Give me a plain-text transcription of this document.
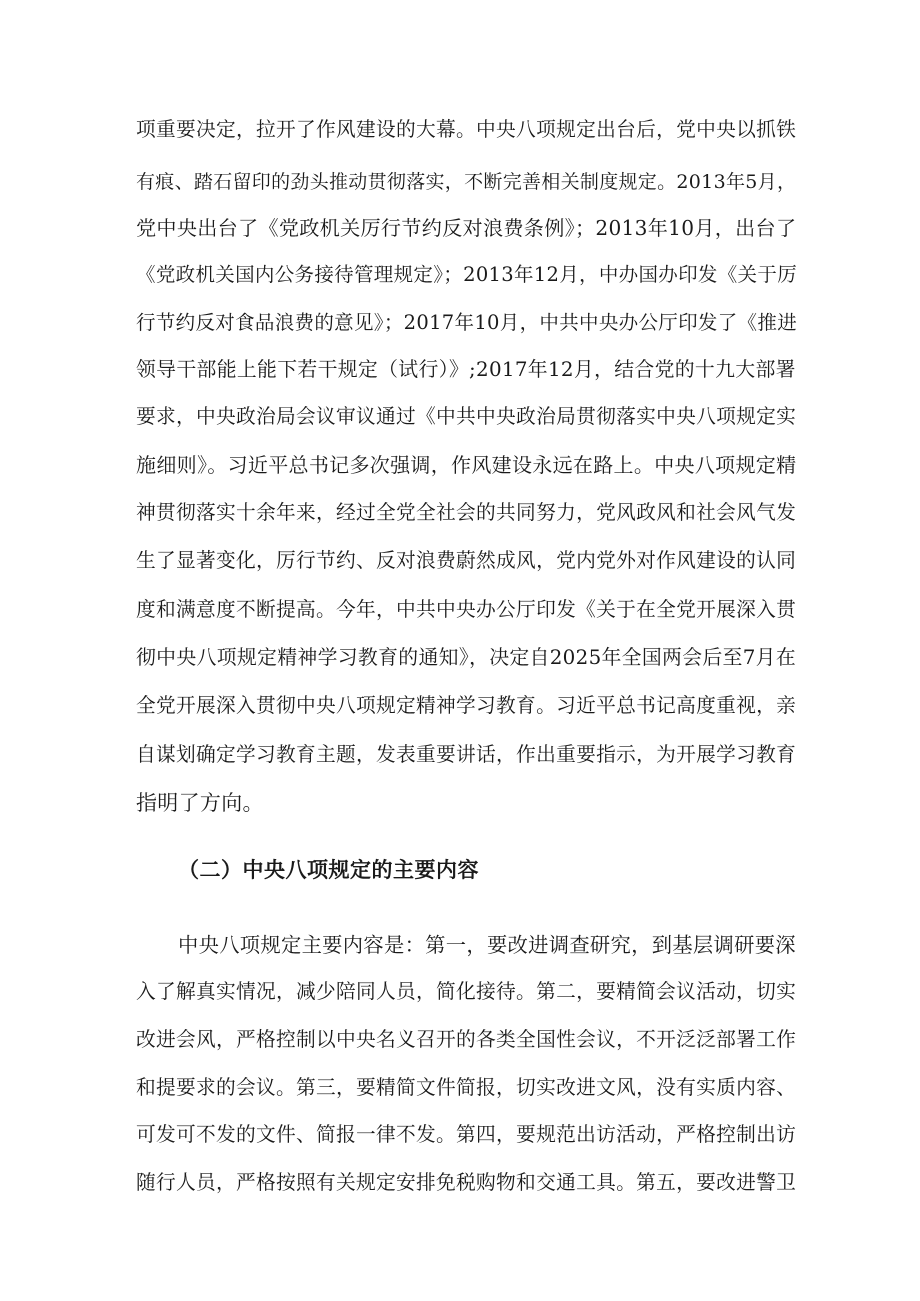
项重要决定，拉开了作风建设的大幕。中央八项规定出台后，党中央以抓铁
有痕、踏石留印的劲头推动贯彻落实，不断完善相关制度规定。2013年5月，
党中央出台了《党政机关厉行节约反对浪费条例》；2013年10月，出台了
《党政机关国内公务接待管理规定》；2013年12月，中办国办印发《关于厉
行节约反对食品浪费的意见》；2017年10月，中共中央办公厅印发了《推进
领导干部能上能下若干规定（试行）》;2017年12月，结合党的十九大部署
要求，中央政治局会议审议通过《中共中央政治局贯彻落实中央八项规定实
施细则》。习近平总书记多次强调，作风建设永远在路上。中央八项规定精
神贯彻落实十余年来，经过全党全社会的共同努力，党风政风和社会风气发
生了显著变化，厉行节约、反对浪费蔚然成风，党内党外对作风建设的认同
度和满意度不断提高。今年，中共中央办公厅印发《关于在全党开展深入贯
彻中央八项规定精神学习教育的通知》，决定自2025年全国两会后至7月在
全党开展深入贯彻中央八项规定精神学习教育。习近平总书记高度重视，亲
自谋划确定学习教育主题，发表重要讲话，作出重要指示，为开展学习教育
指明了方向。
（二）中央八项规定的主要内容
中央八项规定主要内容是：第一，要改进调查研究，到基层调研要深
入了解真实情况，减少陪同人员，简化接待。第二，要精简会议活动，切实
改进会风，严格控制以中央名义召开的各类全国性会议，不开泛泛部署工作
和提要求的会议。第三，要精简文件简报，切实改进文风，没有实质内容、
可发可不发的文件、简报一律不发。第四，要规范出访活动，严格控制出访
随行人员，严格按照有关规定安排免税购物和交通工具。第五，要改进警卫
